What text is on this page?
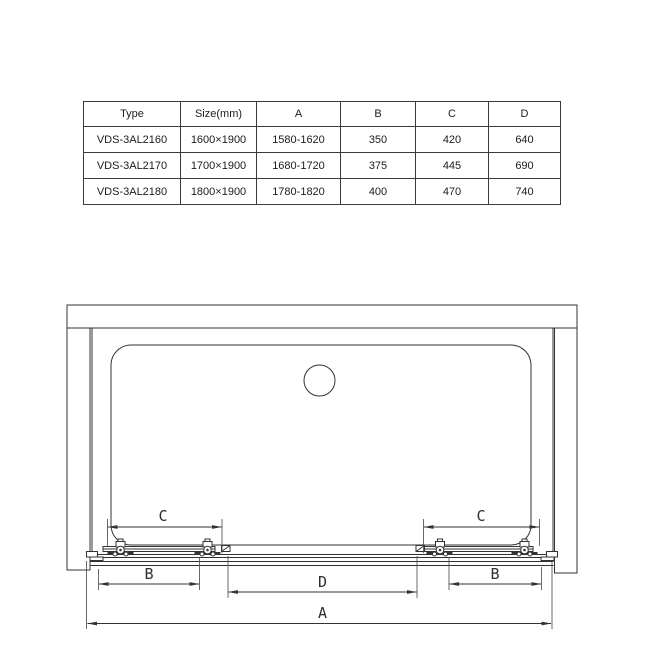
Type	Size(mm)	A	B	C	D
VDS-3AL2160	1600×1900	1580-1620	350	420	640
VDS-3AL2170	1700×1900	1680-1720	375	445	690
VDS-3AL2180	1800×1900	1780-1820	400	470	740
C	C
B	B
D
A
